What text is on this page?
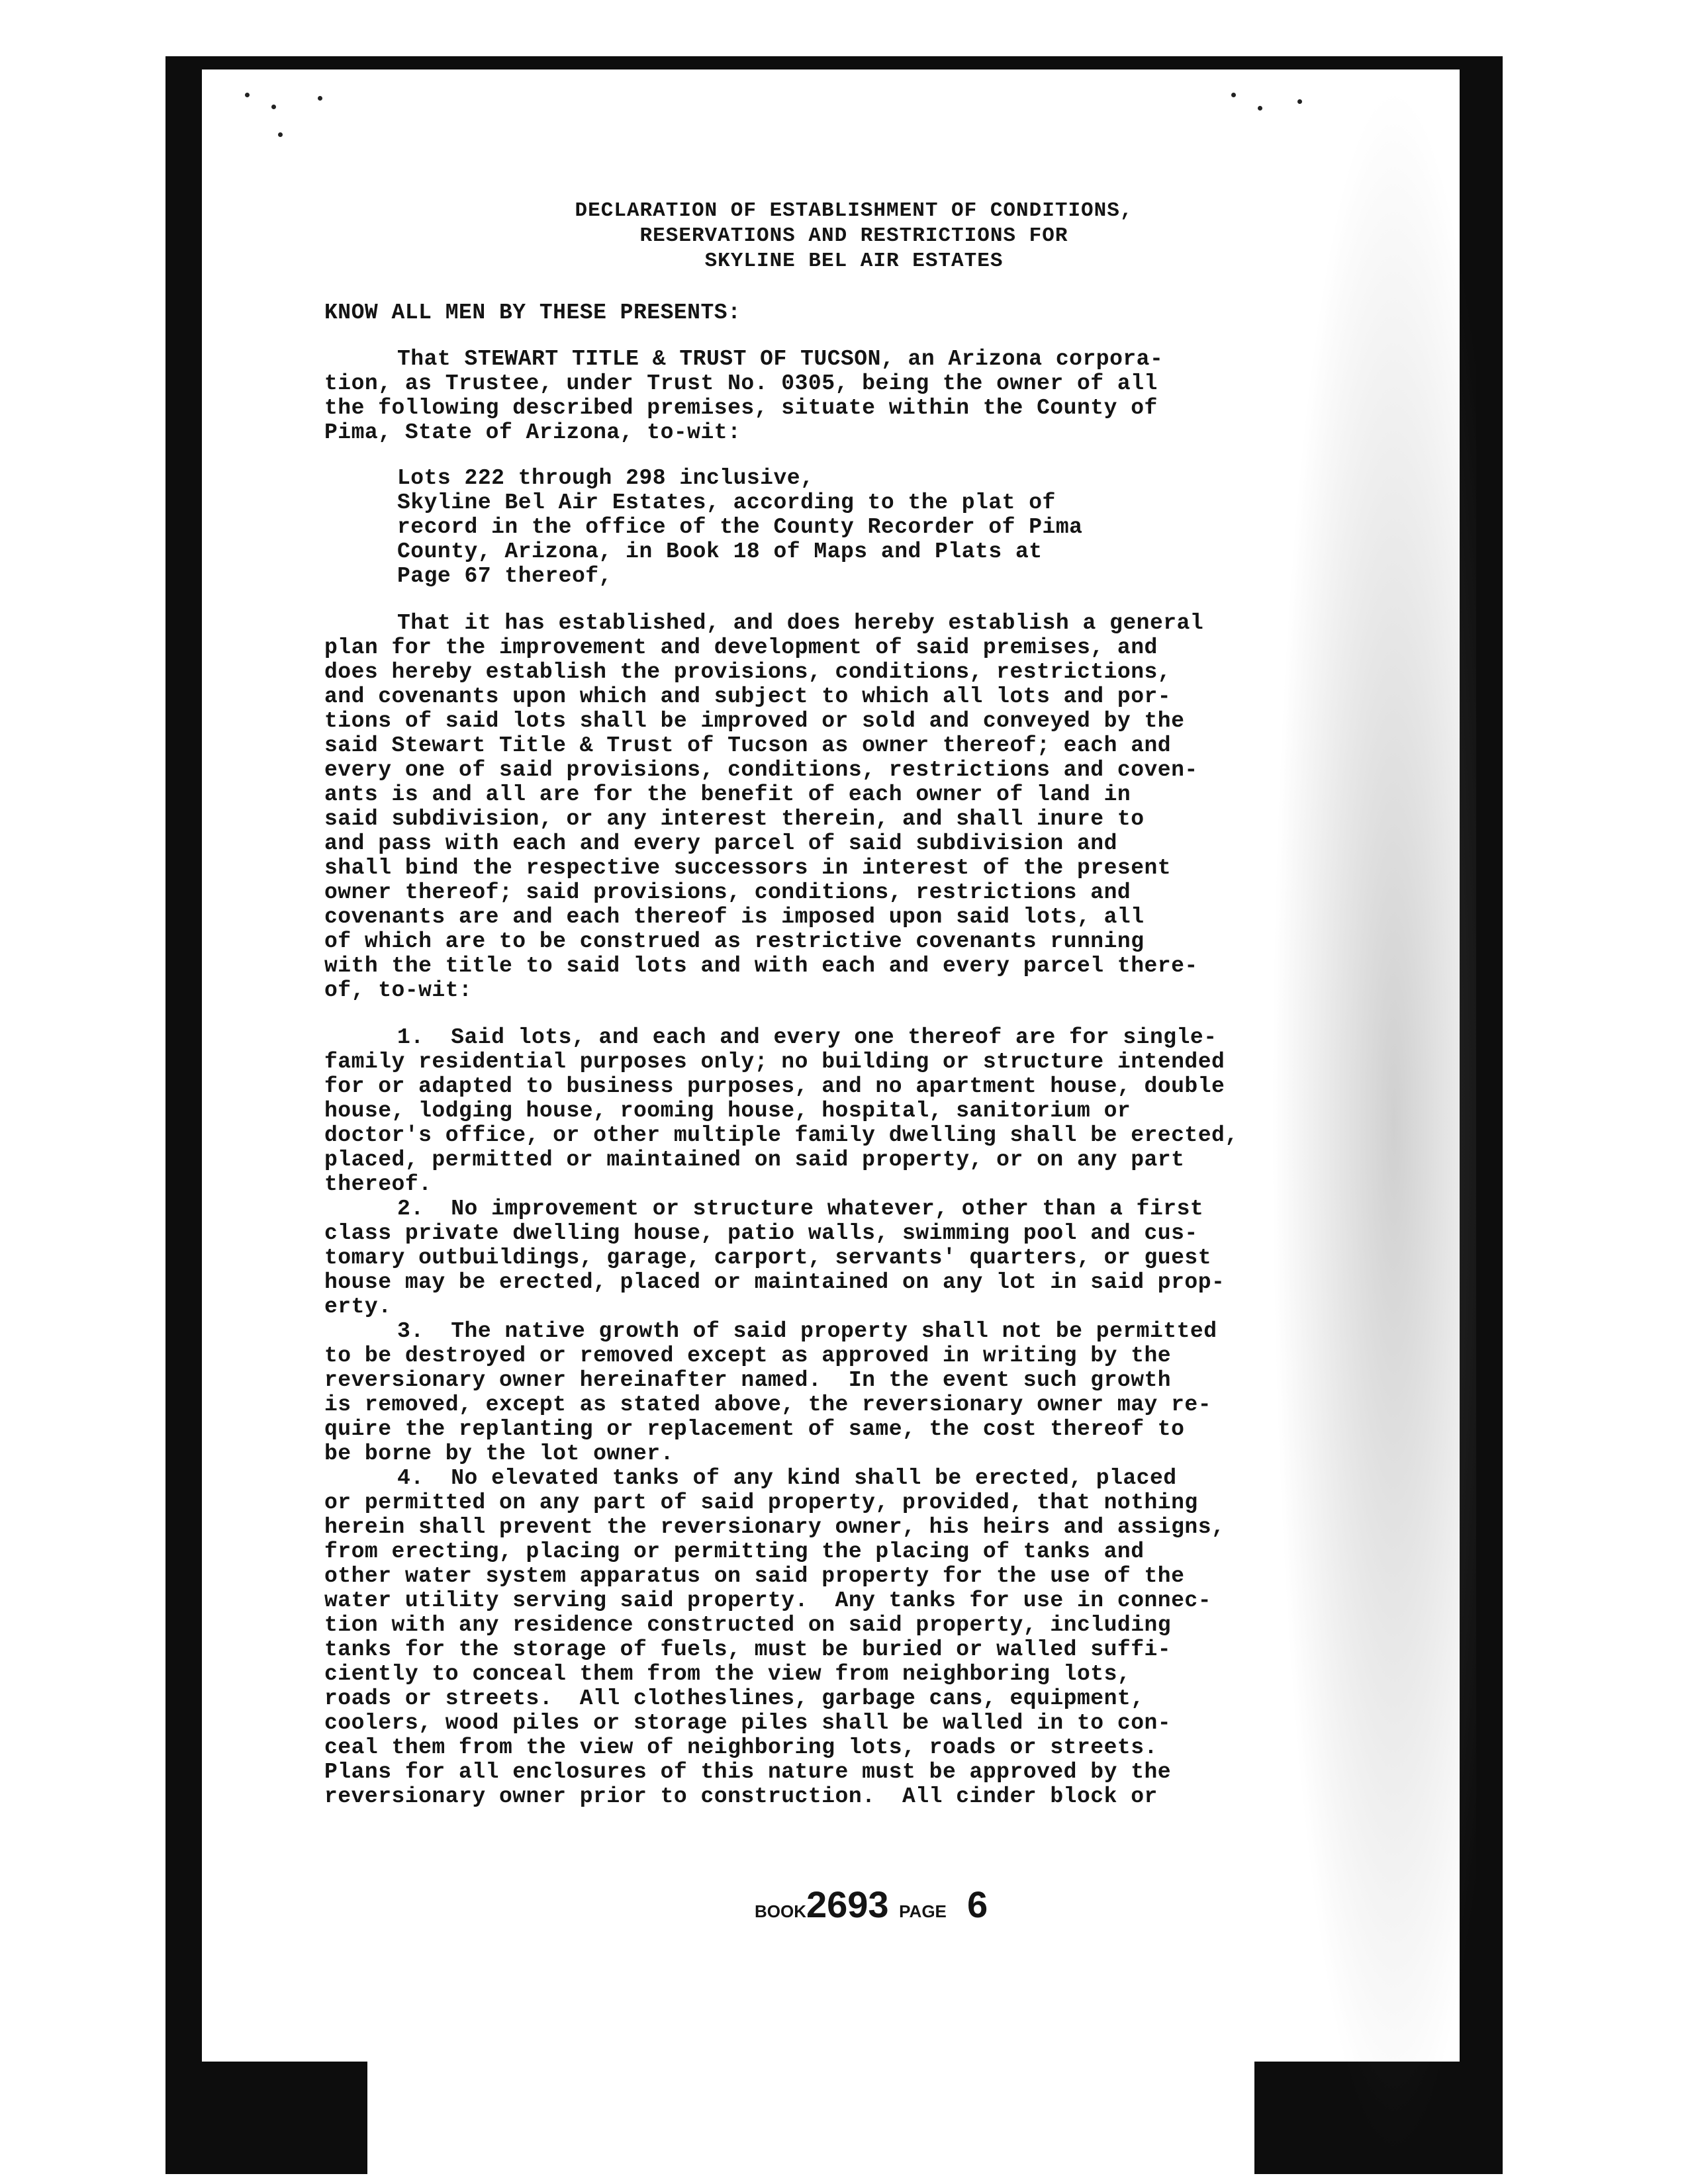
DECLARATION OF ESTABLISHMENT OF CONDITIONS,
RESERVATIONS AND RESTRICTIONS FOR
SKYLINE BEL AIR ESTATES
KNOW ALL MEN BY THESE PRESENTS:
That STEWART TITLE & TRUST OF TUCSON, an Arizona corpora-
tion, as Trustee, under Trust No. 0305, being the owner of all
the following described premises, situate within the County of
Pima, State of Arizona, to-wit:
Lots 222 through 298 inclusive,
Skyline Bel Air Estates, according to the plat of
record in the office of the County Recorder of Pima
County, Arizona, in Book 18 of Maps and Plats at
Page 67 thereof,
That it has established, and does hereby establish a general
plan for the improvement and development of said premises, and
does hereby establish the provisions, conditions, restrictions,
and covenants upon which and subject to which all lots and por-
tions of said lots shall be improved or sold and conveyed by the
said Stewart Title & Trust of Tucson as owner thereof; each and
every one of said provisions, conditions, restrictions and coven-
ants is and all are for the benefit of each owner of land in
said subdivision, or any interest therein, and shall inure to
and pass with each and every parcel of said subdivision and
shall bind the respective successors in interest of the present
owner thereof; said provisions, conditions, restrictions and
covenants are and each thereof is imposed upon said lots, all
of which are to be construed as restrictive covenants running
with the title to said lots and with each and every parcel there-
of, to-wit:
1.  Said lots, and each and every one thereof are for single-
family residential purposes only; no building or structure intended
for or adapted to business purposes, and no apartment house, double
house, lodging house, rooming house, hospital, sanitorium or
doctor's office, or other multiple family dwelling shall be erected,
placed, permitted or maintained on said property, or on any part
thereof.
2.  No improvement or structure whatever, other than a first
class private dwelling house, patio walls, swimming pool and cus-
tomary outbuildings, garage, carport, servants' quarters, or guest
house may be erected, placed or maintained on any lot in said prop-
erty.
3.  The native growth of said property shall not be permitted
to be destroyed or removed except as approved in writing by the
reversionary owner hereinafter named.  In the event such growth
is removed, except as stated above, the reversionary owner may re-
quire the replanting or replacement of same, the cost thereof to
be borne by the lot owner.
4.  No elevated tanks of any kind shall be erected, placed
or permitted on any part of said property, provided, that nothing
herein shall prevent the reversionary owner, his heirs and assigns,
from erecting, placing or permitting the placing of tanks and
other water system apparatus on said property for the use of the
water utility serving said property.  Any tanks for use in connec-
tion with any residence constructed on said property, including
tanks for the storage of fuels, must be buried or walled suffi-
ciently to conceal them from the view from neighboring lots,
roads or streets.  All clotheslines, garbage cans, equipment,
coolers, wood piles or storage piles shall be walled in to con-
ceal them from the view of neighboring lots, roads or streets.
Plans for all enclosures of this nature must be approved by the
reversionary owner prior to construction.  All cinder block or
BOOK2693 PAGE 6
